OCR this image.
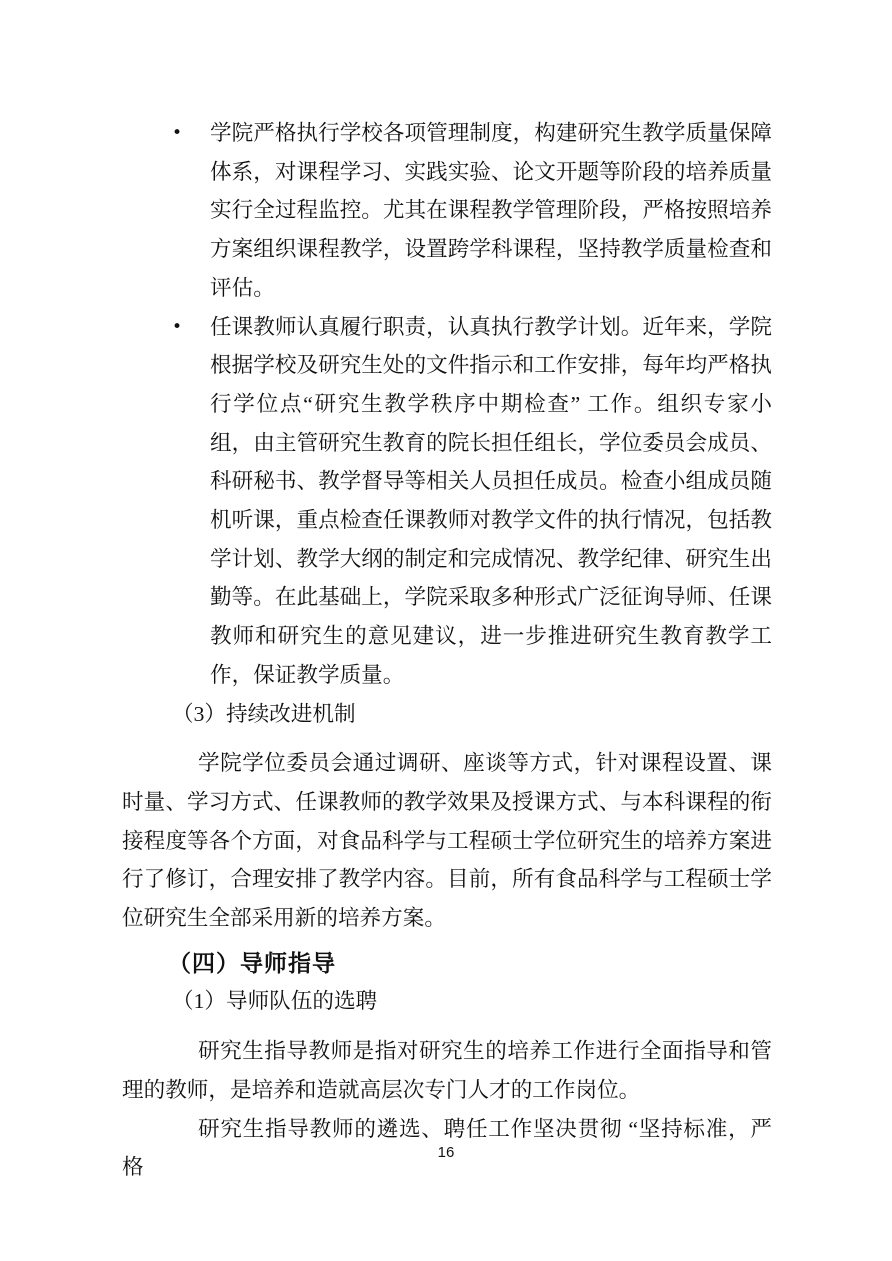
• 学院严格执行学校各项管理制度，构建研究生教学质量保障体系，对课程学习、实践实验、论文开题等阶段的培养质量实行全过程监控。尤其在课程教学管理阶段，严格按照培养方案组织课程教学，设置跨学科课程，坚持教学质量检查和评估。
• 任课教师认真履行职责，认真执行教学计划。近年来，学院根据学校及研究生处的文件指示和工作安排，每年均严格执行学位点“研究生教学秩序中期检查” 工作。组织专家小组，由主管研究生教育的院长担任组长，学位委员会成员、科研秘书、教学督导等相关人员担任成员。检查小组成员随机听课，重点检查任课教师对教学文件的执行情况，包括教学计划、教学大纲的制定和完成情况、教学纪律、研究生出勤等。在此基础上，学院采取多种形式广泛征询导师、任课教师和研究生的意见建议，进一步推进研究生教育教学工作，保证教学质量。
（3）持续改进机制

学院学位委员会通过调研、座谈等方式，针对课程设置、课时量、学习方式、任课教师的教学效果及授课方式、与本科课程的衔接程度等各个方面，对食品科学与工程硕士学位研究生的培养方案进行了修订，合理安排了教学内容。目前，所有食品科学与工程硕士学位研究生全部采用新的培养方案。

（四）导师指导
（1）导师队伍的选聘

研究生指导教师是指对研究生的培养工作进行全面指导和管理的教师，是培养和造就高层次专门人才的工作岗位。

研究生指导教师的遴选、聘任工作坚决贯彻 “坚持标准，严格

16
